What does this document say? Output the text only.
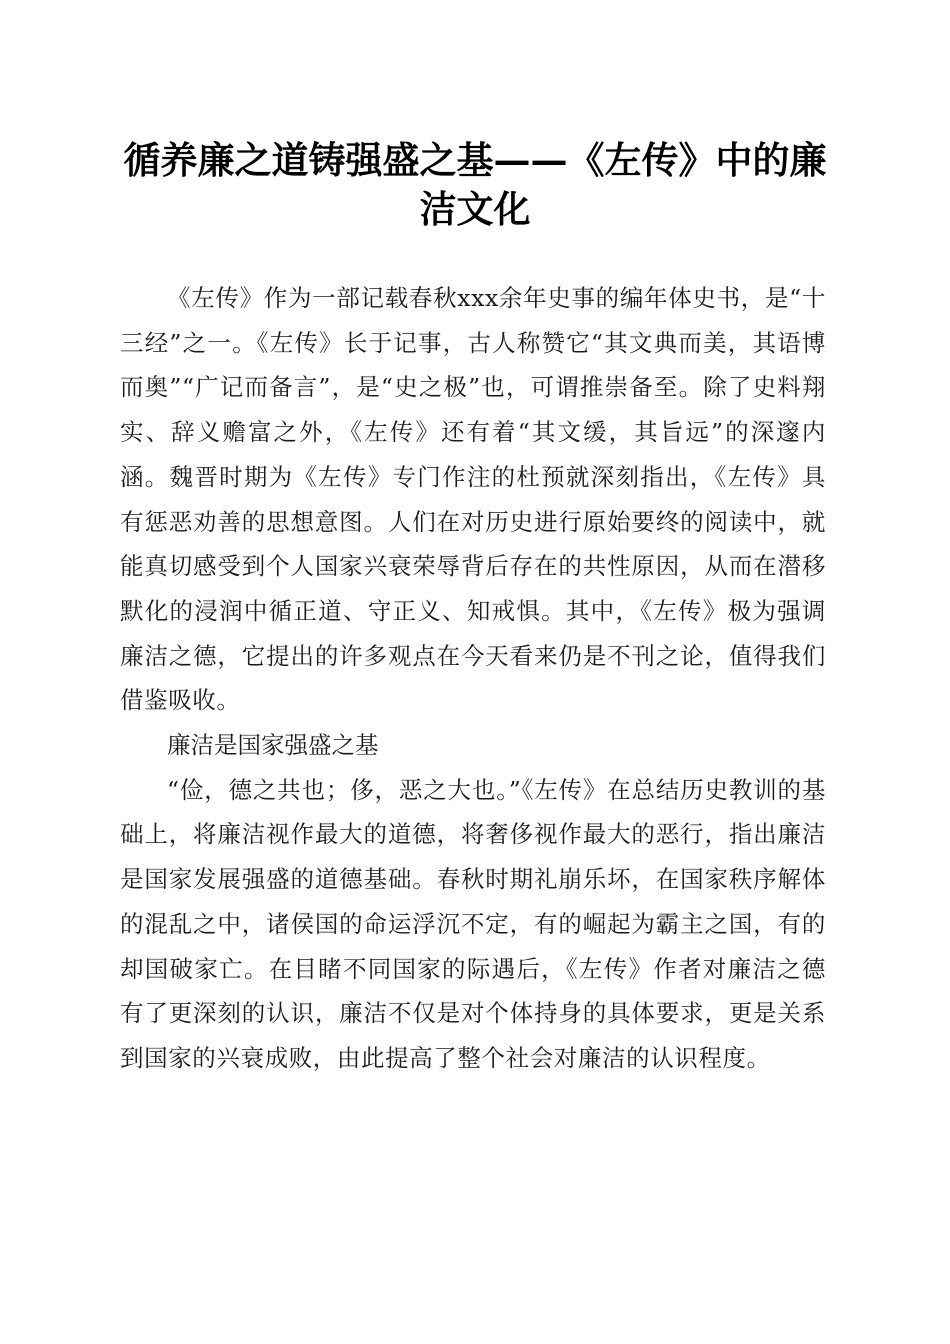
循养廉之道铸强盛之基——《左传》中的廉洁文化

《左传》作为一部记载春秋xxx余年史事的编年体史书，是“十三经”之一。《左传》长于记事，古人称赞它“其文典而美，其语博而奥”“广记而备言”，是“史之极”也，可谓推崇备至。除了史料翔实、辞义赡富之外，《左传》还有着“其文缓，其旨远”的深邃内涵。魏晋时期为《左传》专门作注的杜预就深刻指出，《左传》具有惩恶劝善的思想意图。人们在对历史进行原始要终的阅读中，就能真切感受到个人国家兴衰荣辱背后存在的共性原因，从而在潜移默化的浸润中循正道、守正义、知戒惧。其中，《左传》极为强调廉洁之德，它提出的许多观点在今天看来仍是不刊之论，值得我们借鉴吸收。

廉洁是国家强盛之基

“俭，德之共也；侈，恶之大也。”《左传》在总结历史教训的基础上，将廉洁视作最大的道德，将奢侈视作最大的恶行，指出廉洁是国家发展强盛的道德基础。春秋时期礼崩乐坏，在国家秩序解体的混乱之中，诸侯国的命运浮沉不定，有的崛起为霸主之国，有的却国破家亡。在目睹不同国家的际遇后，《左传》作者对廉洁之德有了更深刻的认识，廉洁不仅是对个体持身的具体要求，更是关系到国家的兴衰成败，由此提高了整个社会对廉洁的认识程度。
